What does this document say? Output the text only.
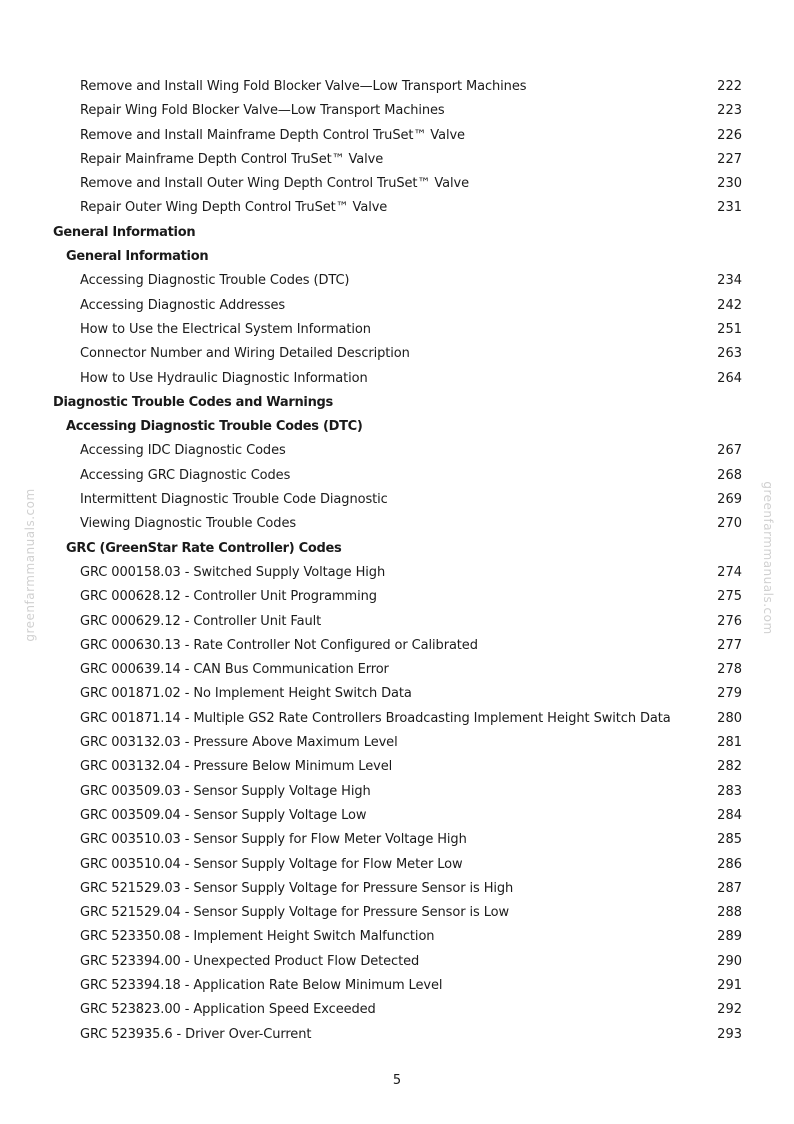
greenfarmmanuals.com	greenfarmmanuals.com
Remove and Install Wing Fold Blocker Valve—Low Transport Machines	222
Repair Wing Fold Blocker Valve—Low Transport Machines	223
Remove and Install Mainframe Depth Control TruSet™ Valve	226
Repair Mainframe Depth Control TruSet™ Valve	227
Remove and Install Outer Wing Depth Control TruSet™ Valve	230
Repair Outer Wing Depth Control TruSet™ Valve	231
General Information
General Information
Accessing Diagnostic Trouble Codes (DTC)	234
Accessing Diagnostic Addresses	242
How to Use the Electrical System Information	251
Connector Number and Wiring Detailed Description	263
How to Use Hydraulic Diagnostic Information	264
Diagnostic Trouble Codes and Warnings
Accessing Diagnostic Trouble Codes (DTC)
Accessing IDC Diagnostic Codes	267
Accessing GRC Diagnostic Codes	268
Intermittent Diagnostic Trouble Code Diagnostic	269
Viewing Diagnostic Trouble Codes	270
GRC (GreenStar Rate Controller) Codes
GRC 000158.03 - Switched Supply Voltage High	274
GRC 000628.12 - Controller Unit Programming	275
GRC 000629.12 - Controller Unit Fault	276
GRC 000630.13 - Rate Controller Not Configured or Calibrated	277
GRC 000639.14 - CAN Bus Communication Error	278
GRC 001871.02 - No Implement Height Switch Data	279
GRC 001871.14 - Multiple GS2 Rate Controllers Broadcasting Implement Height Switch Data	280
GRC 003132.03 - Pressure Above Maximum Level	281
GRC 003132.04 - Pressure Below Minimum Level	282
GRC 003509.03 - Sensor Supply Voltage High	283
GRC 003509.04 - Sensor Supply Voltage Low	284
GRC 003510.03 - Sensor Supply for Flow Meter Voltage High	285
GRC 003510.04 - Sensor Supply Voltage for Flow Meter Low	286
GRC 521529.03 - Sensor Supply Voltage for Pressure Sensor is High	287
GRC 521529.04 - Sensor Supply Voltage for Pressure Sensor is Low	288
GRC 523350.08 - Implement Height Switch Malfunction	289
GRC 523394.00 - Unexpected Product Flow Detected	290
GRC 523394.18 - Application Rate Below Minimum Level	291
GRC 523823.00 - Application Speed Exceeded	292
GRC 523935.6 - Driver Over-Current	293
5
